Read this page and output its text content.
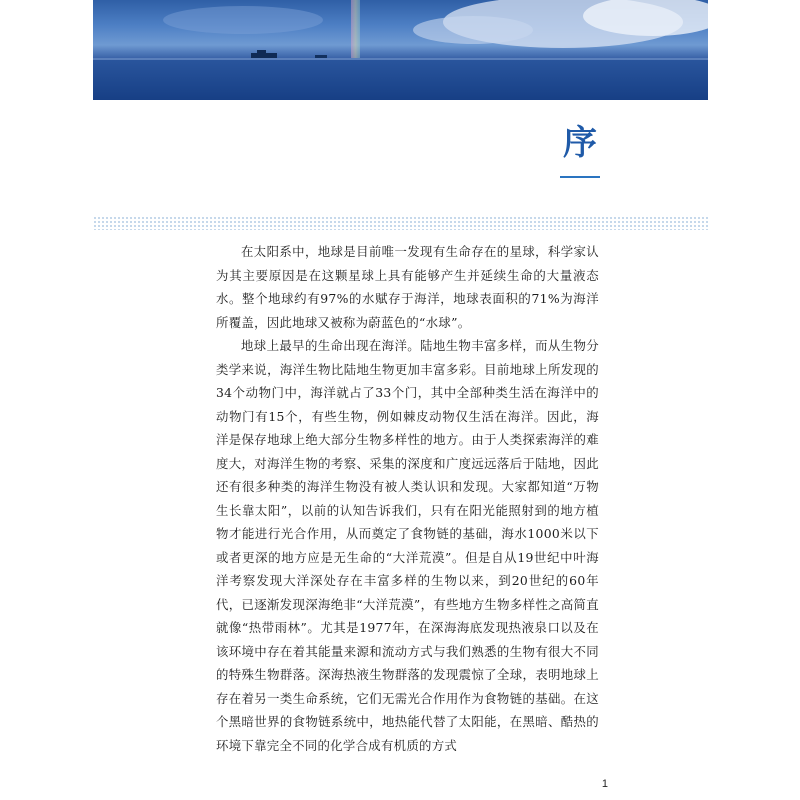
序

在太阳系中，地球是目前唯一发现有生命存在的星球，科学家认为其主要原因是在这颗星球上具有能够产生并延续生命的大量液态水。整个地球约有97%的水赋存于海洋，地球表面积的71%为海洋所覆盖，因此地球又被称为蔚蓝色的“水球”。

地球上最早的生命出现在海洋。陆地生物丰富多样，而从生物分类学来说，海洋生物比陆地生物更加丰富多彩。目前地球上所发现的34个动物门中，海洋就占了33个门，其中全部种类生活在海洋中的动物门有15个，有些生物，例如棘皮动物仅生活在海洋。因此，海洋是保存地球上绝大部分生物多样性的地方。由于人类探索海洋的难度大，对海洋生物的考察、采集的深度和广度远远落后于陆地，因此还有很多种类的海洋生物没有被人类认识和发现。大家都知道“万物生长靠太阳”，以前的认知告诉我们，只有在阳光能照射到的地方植物才能进行光合作用，从而奠定了食物链的基础，海水1000米以下或者更深的地方应是无生命的“大洋荒漠”。但是自从19世纪中叶海洋考察发现大洋深处存在丰富多样的生物以来，到20世纪的60年代，已逐渐发现深海绝非“大洋荒漠”，有些地方生物多样性之高简直就像“热带雨林”。尤其是1977年，在深海海底发现热液泉口以及在该环境中存在着其能量来源和流动方式与我们熟悉的生物有很大不同的特殊生物群落。深海热液生物群落的发现震惊了全球，表明地球上存在着另一类生命系统，它们无需光合作用作为食物链的基础。在这个黑暗世界的食物链系统中，地热能代替了太阳能，在黑暗、酷热的环境下靠完全不同的化学合成有机质的方式

1
